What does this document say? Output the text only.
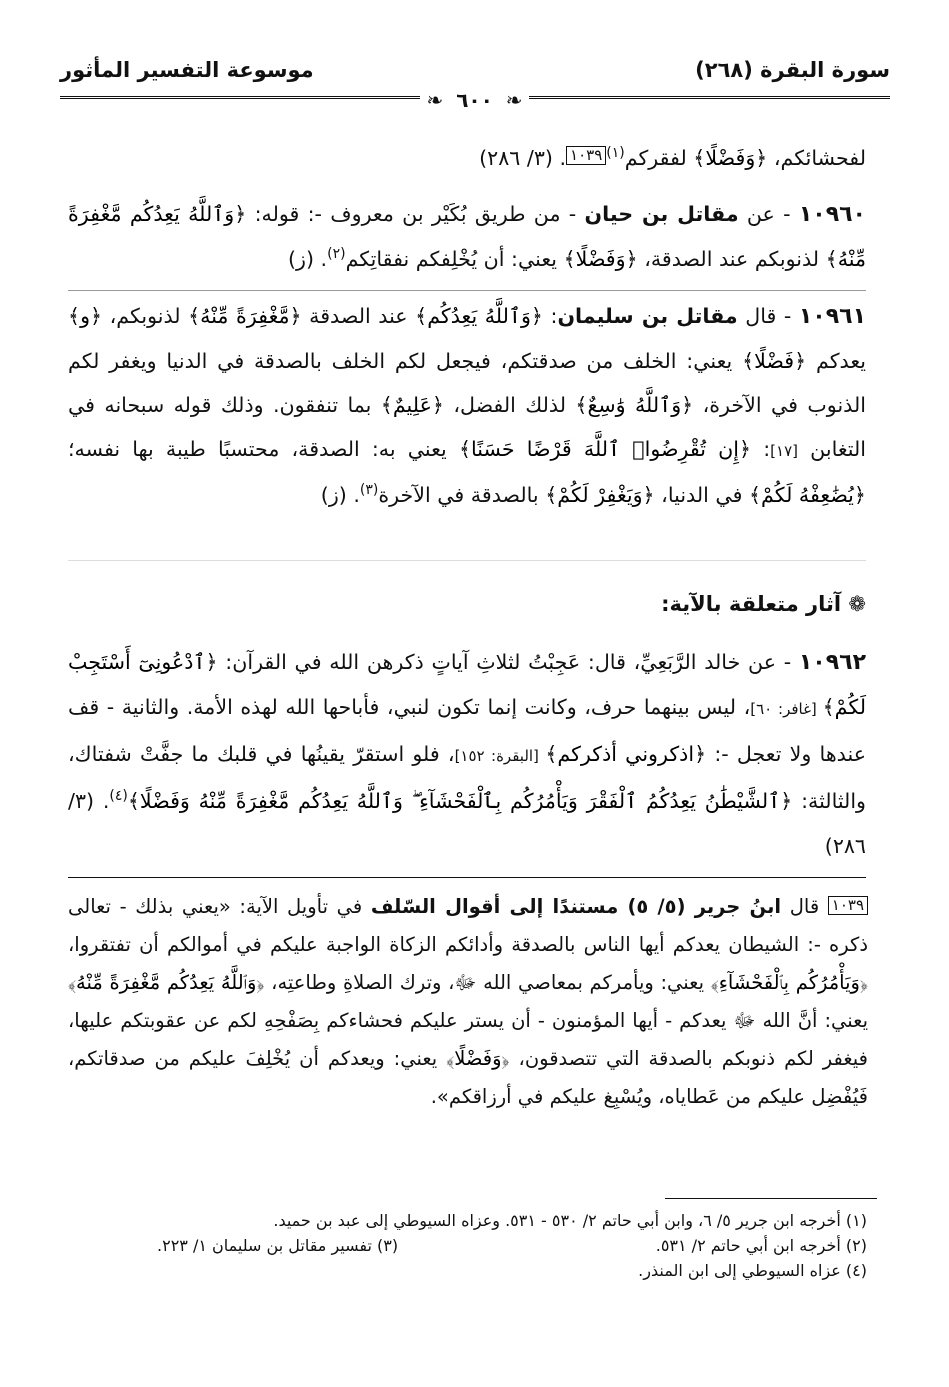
سورة البقرة (٢٦٨)
موسوعة التفسير المأثور
❧ ٦٠٠ ❧
لفحشائكم، ﴿وَفَضْلًا﴾ لفقركم$^{(١)}$١٠٣٩. (٣/ ٢٨٦)
١٠٩٦٠ - عن مقاتل بن حيان - من طريق بُكَيْر بن معروف -: قوله: ﴿وَٱللَّهُ يَعِدُكُم مَّغْفِرَةً مِّنْهُ﴾ لذنوبكم عند الصدقة، ﴿وَفَضْلًا﴾ يعني: أن يُخْلِفكم نفقاتِكم$^{(٢)}$. (ز)
١٠٩٦١ - قال مقاتل بن سليمان: ﴿وَٱللَّهُ يَعِدُكُم﴾ عند الصدقة ﴿مَّغْفِرَةً مِّنْهُ﴾ لذنوبكم، ﴿و﴾يعدكم ﴿فَضْلًا﴾ يعني: الخلف من صدقتكم، فيجعل لكم الخلف بالصدقة في الدنيا ويغفر لكم الذنوب في الآخرة، ﴿وَٱللَّهُ وَٰسِعٌ﴾ لذلك الفضل، ﴿عَلِيمٌ﴾ بما تنفقون. وذلك قوله سبحانه في التغابن [١٧]: ﴿إِن تُقْرِضُوا۟ ٱللَّهَ قَرْضًا حَسَنًا﴾ يعني به: الصدقة، محتسبًا طيبة بها نفسه؛ ﴿يُضَٰعِفْهُ لَكُمْ﴾ في الدنيا، ﴿وَيَغْفِرْ لَكُمْ﴾ بالصدقة في الآخرة$^{(٣)}$. (ز)
❁ آثار متعلقة بالآية:
١٠٩٦٢ - عن خالد الرَّبَعِيِّ، قال: عَجِبْتُ لثلاثِ آياتٍ ذكرهن الله في القرآن: ﴿ٱدْعُونِىٓ أَسْتَجِبْ لَكُمْ﴾ [غافر: ٦٠]، ليس بينهما حرف، وكانت إنما تكون لنبي، فأباحها الله لهذه الأمة. والثانية - قف عندها ولا تعجل -: ﴿اذكروني أذكركم﴾ [البقرة: ١٥٢]، فلو استقرّ يقينُها في قلبك ما جفَّتْ شفتاك، والثالثة: ﴿ٱلشَّيْطَٰنُ يَعِدُكُمُ ٱلْفَقْرَ وَيَأْمُرُكُم بِٱلْفَحْشَآءِ ۖ وَٱللَّهُ يَعِدُكُم مَّغْفِرَةً مِّنْهُ وَفَضْلًا﴾$^{(٤)}$. (٣/ ٢٨٦)
١٠٣٩ قال ابنُ جرير (٥/ ٥) مستندًا إلى أقوال السّلف في تأويل الآية: «يعني بذلك - تعالى ذكره -: الشيطان يعدكم أيها الناس بالصدقة وأدائكم الزكاة الواجبة عليكم في أموالكم أن تفتقروا، ﴿وَيَأْمُرُكُم بِٱلْفَحْشَآءِ﴾ يعني: ويأمركم بمعاصي الله ﷻ، وترك الصلاةِ وطاعتِه، ﴿وَٱللَّهُ يَعِدُكُم مَّغْفِرَةً مِّنْهُ﴾ يعني: أنَّ الله ﷻ يعدكم - أيها المؤمنون - أن يستر عليكم فحشاءكم بِصَفْحِهِ لكم عن عقوبتكم عليها، فيغفر لكم ذنوبكم بالصدقة التي تتصدقون، ﴿وَفَضْلًا﴾ يعني: ويعدكم أن يُخْلِفَ عليكم من صدقاتكم، فَيُفْضِل عليكم من عَطاياه، ويُسْبِغ عليكم في أرزاقكم».
(١) أخرجه ابن جرير ٥/ ٦، وابن أبي حاتم ٢/ ٥٣٠ - ٥٣١. وعزاه السيوطي إلى عبد بن حميد.
(٢) أخرجه ابن أبي حاتم ٢/ ٥٣١.
(٣) تفسير مقاتل بن سليمان ١/ ٢٢٣.
(٤) عزاه السيوطي إلى ابن المنذر.
